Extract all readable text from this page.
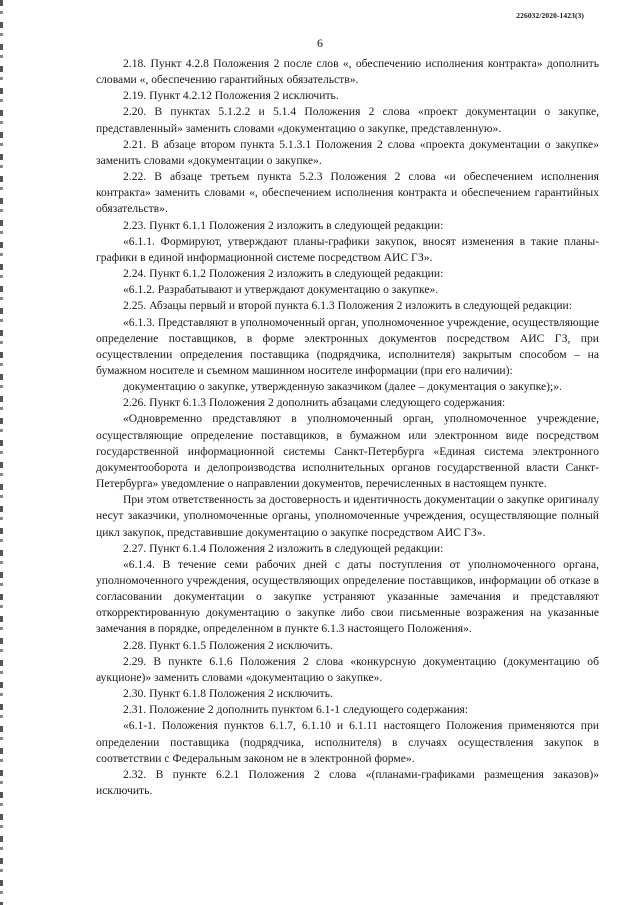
226032/2020-1423(3)
6

2.18. Пункт 4.2.8 Положения 2 после слов «, обеспечению исполнения контракта» дополнить словами «, обеспечению гарантийных обязательств».

2.19. Пункт 4.2.12 Положения 2 исключить.

2.20. В пунктах 5.1.2.2 и 5.1.4 Положения 2 слова «проект документации о закупке, представленный» заменить словами «документацию о закупке, представленную».

2.21. В абзаце втором пункта 5.1.3.1 Положения 2 слова «проекта документации о закупке» заменить словами «документации о закупке».

2.22. В абзаце третьем пункта 5.2.3 Положения 2 слова «и обеспечением исполнения контракта» заменить словами «, обеспечением исполнения контракта и обеспечением гарантийных обязательств».

2.23. Пункт 6.1.1 Положения 2 изложить в следующей редакции:

«6.1.1. Формируют, утверждают планы-графики закупок, вносят изменения в такие планы-графики в единой информационной системе посредством АИС ГЗ».

2.24. Пункт 6.1.2 Положения 2 изложить в следующей редакции:

«6.1.2. Разрабатывают и утверждают документацию о закупке».

2.25. Абзацы первый и второй пункта 6.1.3 Положения 2 изложить в следующей редакции:

«6.1.3. Представляют в уполномоченный орган, уполномоченное учреждение, осуществляющие определение поставщиков, в форме электронных документов посредством АИС ГЗ, при осуществлении определения поставщика (подрядчика, исполнителя) закрытым способом – на бумажном носителе и съемном машинном носителе информации (при его наличии):

документацию о закупке, утвержденную заказчиком (далее – документация о закупке);».

2.26. Пункт 6.1.3 Положения 2 дополнить абзацами следующего содержания:

«Одновременно представляют в уполномоченный орган, уполномоченное учреждение, осуществляющие определение поставщиков, в бумажном или электронном виде посредством государственной информационной системы Санкт-Петербурга «Единая система электронного документооборота и делопроизводства исполнительных органов государственной власти Санкт-Петербурга» уведомление о направлении документов, перечисленных в настоящем пункте.

При этом ответственность за достоверность и идентичность документации о закупке оригиналу несут заказчики, уполномоченные органы, уполномоченные учреждения, осуществляющие полный цикл закупок, представившие документацию о закупке посредством АИС ГЗ».

2.27. Пункт 6.1.4 Положения 2 изложить в следующей редакции:

«6.1.4. В течение семи рабочих дней с даты поступления от уполномоченного органа, уполномоченного учреждения, осуществляющих определение поставщиков, информации об отказе в согласовании документации о закупке устраняют указанные замечания и представляют откорректированную документацию о закупке либо свои письменные возражения на указанные замечания в порядке, определенном в пункте 6.1.3 настоящего Положения».

2.28. Пункт 6.1.5 Положения 2 исключить.

2.29. В пункте 6.1.6 Положения 2 слова «конкурсную документацию (документацию об аукционе)» заменить словами «документацию о закупке».

2.30. Пункт 6.1.8 Положения 2 исключить.

2.31. Положение 2 дополнить пунктом 6.1-1 следующего содержания:

«6.1-1. Положения пунктов 6.1.7, 6.1.10 и 6.1.11 настоящего Положения применяются при определении поставщика (подрядчика, исполнителя) в случаях осуществления закупок в соответствии с Федеральным законом не в электронной форме».

2.32. В пункте 6.2.1 Положения 2 слова «(планами-графиками размещения заказов)» исключить.
